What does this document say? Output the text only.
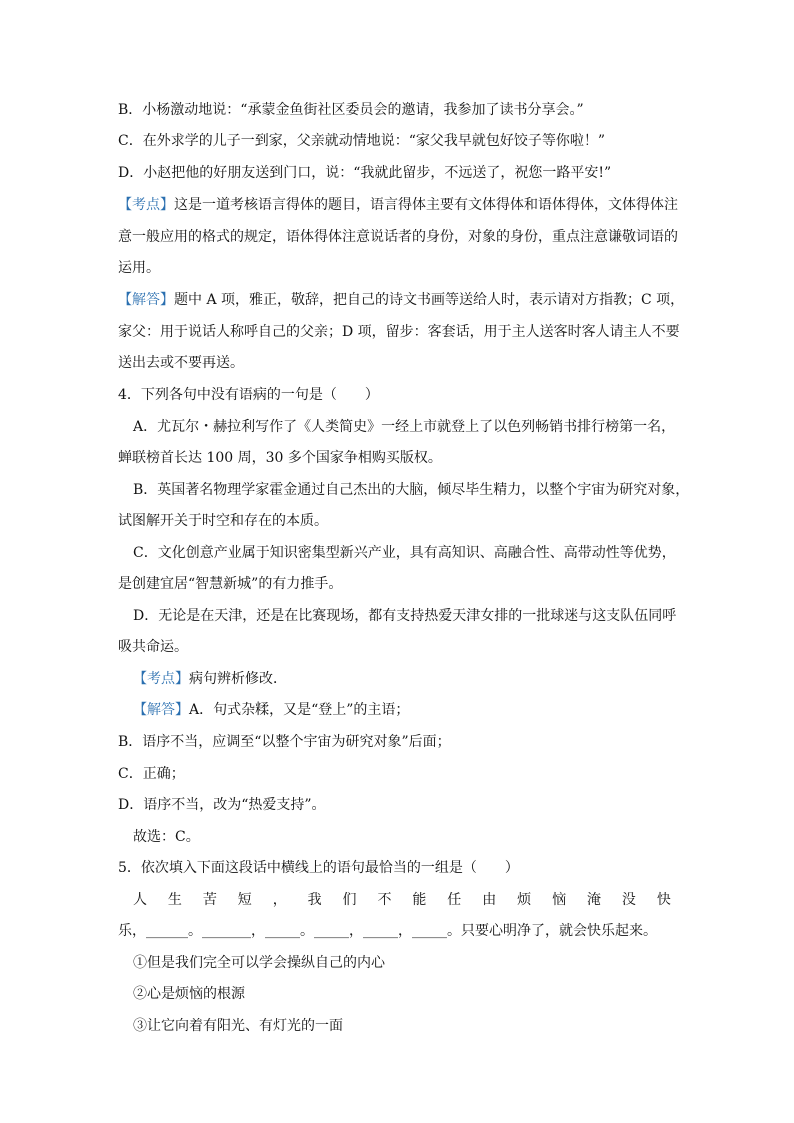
B．小杨激动地说：“承蒙金鱼街社区委员会的邀请，我参加了读书分享会。”
C．在外求学的儿子一到家，父亲就动情地说：“家父我早就包好饺子等你啦！”
D．小赵把他的好朋友送到门口，说：“我就此留步，不远送了，祝您一路平安!”
【考点】这是一道考核语言得体的题目，语言得体主要有文体得体和语体得体，文体得体注
意一般应用的格式的规定，语体得体注意说话者的身份，对象的身份，重点注意谦敬词语的
运用。
【解答】题中 A 项，雅正，敬辞，把自己的诗文书画等送给人时，表示请对方指教；C 项，
家父：用于说话人称呼自己的父亲；D 项，留步：客套话，用于主人送客时客人请主人不要
送出去或不要再送。
4．下列各句中没有语病的一句是（　　）
A．尤瓦尔・赫拉利写作了《人类简史》一经上市就登上了以色列畅销书排行榜第一名，
蝉联榜首长达 100 周，30 多个国家争相购买版权。
B．英国著名物理学家霍金通过自己杰出的大脑，倾尽毕生精力，以整个宇宙为研究对象，
试图解开关于时空和存在的本质。
C．文化创意产业属于知识密集型新兴产业，具有高知识、高融合性、高带动性等优势，
是创建宜居“智慧新城”的有力推手。
D．无论是在天津，还是在比赛现场，都有支持热爱天津女排的一批球迷与这支队伍同呼
吸共命运。
【考点】病句辨析修改．
【解答】A．句式杂糅，又是“登上”的主语；
B．语序不当，应调至“以整个宇宙为研究对象”后面；
C．正确；
D．语序不当，改为“热爱支持”。
故选：C。
5．依次填入下面这段话中横线上的语句最恰当的一组是（　　）
人 生 苦 短 ， 我 们 不 能 任 由 烦 恼 淹 没 快
乐，______。_______，_____。_____，_____，_____。只要心明净了，就会快乐起来。
①但是我们完全可以学会操纵自己的内心
②心是烦恼的根源
③让它向着有阳光、有灯光的一面
